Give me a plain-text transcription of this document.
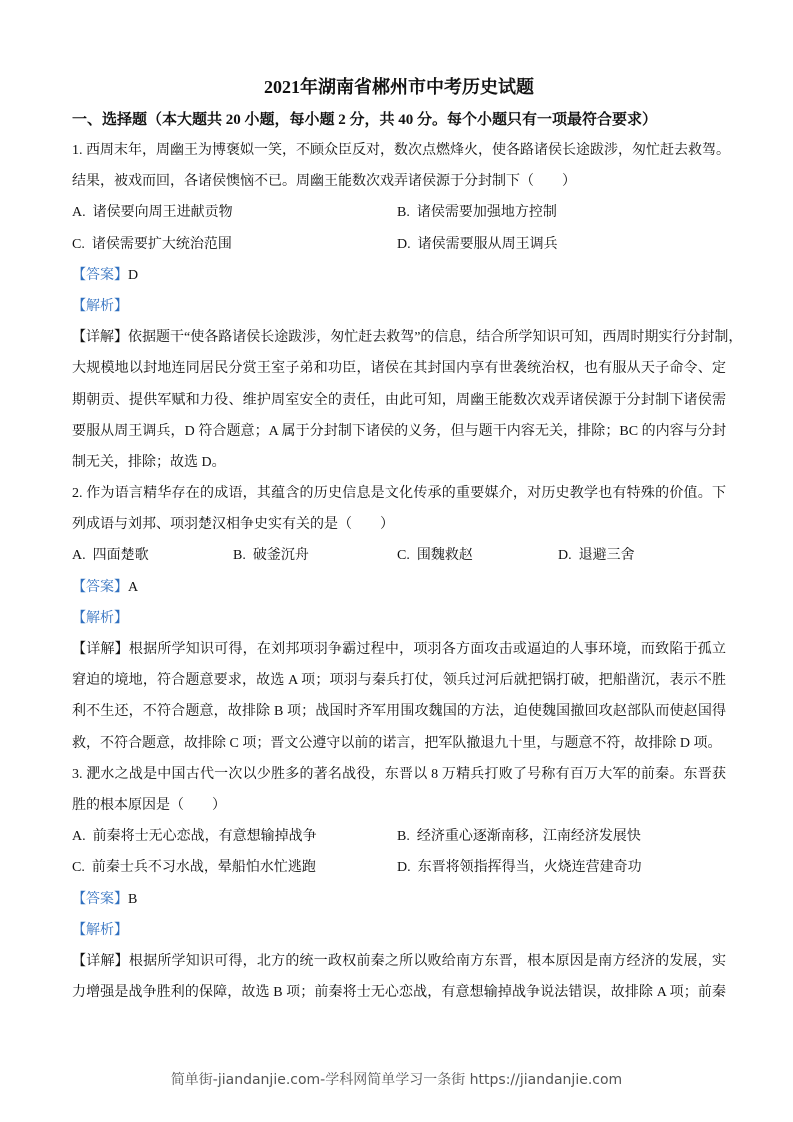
2021年湖南省郴州市中考历史试题
一、选择题（本大题共 20 小题，每小题 2 分，共 40 分。每个小题只有一项最符合要求）
1. 西周末年，周幽王为博褒姒一笑，不顾众臣反对，数次点燃烽火，使各路诸侯长途跋涉，匆忙赶去救驾。
结果，被戏而回，各诸侯懊恼不已。周幽王能数次戏弄诸侯源于分封制下（　　）
A. 诸侯要向周王进献贡物	B. 诸侯需要加强地方控制
C. 诸侯需要扩大统治范围	D. 诸侯需要服从周王调兵
【答案】D
【解析】
【详解】依据题干“使各路诸侯长途跋涉，匆忙赶去救驾”的信息，结合所学知识可知，西周时期实行分封制，
大规模地以封地连同居民分赏王室子弟和功臣，诸侯在其封国内享有世袭统治权，也有服从天子命令、定
期朝贡、提供军赋和力役、维护周室安全的责任，由此可知，周幽王能数次戏弄诸侯源于分封制下诸侯需
要服从周王调兵，D 符合题意；A 属于分封制下诸侯的义务，但与题干内容无关，排除；BC 的内容与分封
制无关，排除；故选 D。
2. 作为语言精华存在的成语，其蕴含的历史信息是文化传承的重要媒介，对历史教学也有特殊的价值。下
列成语与刘邦、项羽楚汉相争史实有关的是（　　）
A. 四面楚歌	B. 破釜沉舟	C. 围魏救赵	D. 退避三舍
【答案】A
【解析】
【详解】根据所学知识可得，在刘邦项羽争霸过程中，项羽各方面攻击或逼迫的人事环境，而致陷于孤立
窘迫的境地，符合题意要求，故选 A 项；项羽与秦兵打仗，领兵过河后就把锅打破，把船凿沉，表示不胜
利不生还，不符合题意，故排除 B 项；战国时齐军用围攻魏国的方法，迫使魏国撤回攻赵部队而使赵国得
救，不符合题意，故排除 C 项；晋文公遵守以前的诺言，把军队撤退九十里，与题意不符，故排除 D 项。
3. 淝水之战是中国古代一次以少胜多的著名战役，东晋以 8 万精兵打败了号称有百万大军的前秦。东晋获
胜的根本原因是（　　）
A. 前秦将士无心恋战，有意想输掉战争	B. 经济重心逐渐南移，江南经济发展快
C. 前秦士兵不习水战，晕船怕水忙逃跑	D. 东晋将领指挥得当，火烧连营建奇功
【答案】B
【解析】
【详解】根据所学知识可得，北方的统一政权前秦之所以败给南方东晋，根本原因是南方经济的发展，实
力增强是战争胜利的保障，故选 B 项；前秦将士无心恋战，有意想输掉战争说法错误，故排除 A 项；前秦
简单街-jiandanjie.com-学科网简单学习一条街 https://jiandanjie.com
